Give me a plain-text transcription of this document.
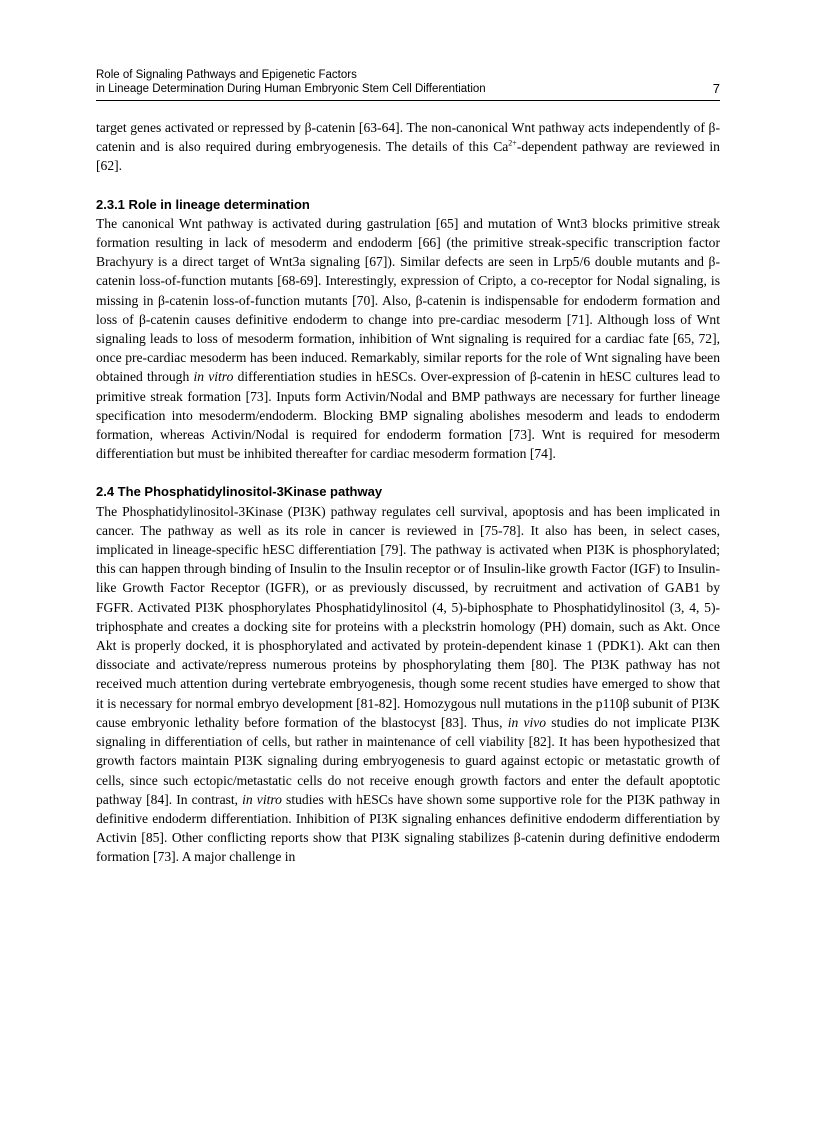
Role of Signaling Pathways and Epigenetic Factors
in Lineage Determination During Human Embryonic Stem Cell Differentiation	7

target genes activated or repressed by β-catenin [63-64]. The non-canonical Wnt pathway acts independently of β-catenin and is also required during embryogenesis. The details of this $Ca^{2+}$-dependent pathway are reviewed in [62].

2.3.1 Role in lineage determination

The canonical Wnt pathway is activated during gastrulation [65] and mutation of Wnt3 blocks primitive streak formation resulting in lack of mesoderm and endoderm [66] (the primitive streak-specific transcription factor Brachyury is a direct target of Wnt3a signaling [67]). Similar defects are seen in Lrp5/6 double mutants and β-catenin loss-of-function mutants [68-69]. Interestingly, expression of Cripto, a co-receptor for Nodal signaling, is missing in β-catenin loss-of-function mutants [70]. Also, β-catenin is indispensable for endoderm formation and loss of β-catenin causes definitive endoderm to change into pre-cardiac mesoderm [71]. Although loss of Wnt signaling leads to loss of mesoderm formation, inhibition of Wnt signaling is required for a cardiac fate [65, 72], once pre-cardiac mesoderm has been induced. Remarkably, similar reports for the role of Wnt signaling have been obtained through in vitro differentiation studies in hESCs. Over-expression of β-catenin in hESC cultures lead to primitive streak formation [73]. Inputs form Activin/Nodal and BMP pathways are necessary for further lineage specification into mesoderm/endoderm. Blocking BMP signaling abolishes mesoderm and leads to endoderm formation, whereas Activin/Nodal is required for endoderm formation [73]. Wnt is required for mesoderm differentiation but must be inhibited thereafter for cardiac mesoderm formation [74].

2.4 The Phosphatidylinositol-3Kinase pathway

The Phosphatidylinositol-3Kinase (PI3K) pathway regulates cell survival, apoptosis and has been implicated in cancer. The pathway as well as its role in cancer is reviewed in [75-78]. It also has been, in select cases, implicated in lineage-specific hESC differentiation [79]. The pathway is activated when PI3K is phosphorylated; this can happen through binding of Insulin to the Insulin receptor or of Insulin-like growth Factor (IGF) to Insulin-like Growth Factor Receptor (IGFR), or as previously discussed, by recruitment and activation of GAB1 by FGFR. Activated PI3K phosphorylates Phosphatidylinositol (4, 5)-biphosphate to Phosphatidylinositol (3, 4, 5)-triphosphate and creates a docking site for proteins with a pleckstrin homology (PH) domain, such as Akt. Once Akt is properly docked, it is phosphorylated and activated by protein-dependent kinase 1 (PDK1). Akt can then dissociate and activate/repress numerous proteins by phosphorylating them [80]. The PI3K pathway has not received much attention during vertebrate embryogenesis, though some recent studies have emerged to show that it is necessary for normal embryo development [81-82]. Homozygous null mutations in the p110β subunit of PI3K cause embryonic lethality before formation of the blastocyst [83]. Thus, in vivo studies do not implicate PI3K signaling in differentiation of cells, but rather in maintenance of cell viability [82]. It has been hypothesized that growth factors maintain PI3K signaling during embryogenesis to guard against ectopic or metastatic growth of cells, since such ectopic/metastatic cells do not receive enough growth factors and enter the default apoptotic pathway [84]. In contrast, in vitro studies with hESCs have shown some supportive role for the PI3K pathway in definitive endoderm differentiation. Inhibition of PI3K signaling enhances definitive endoderm differentiation by Activin [85]. Other conflicting reports show that PI3K signaling stabilizes β-catenin during definitive endoderm formation [73]. A major challenge in
